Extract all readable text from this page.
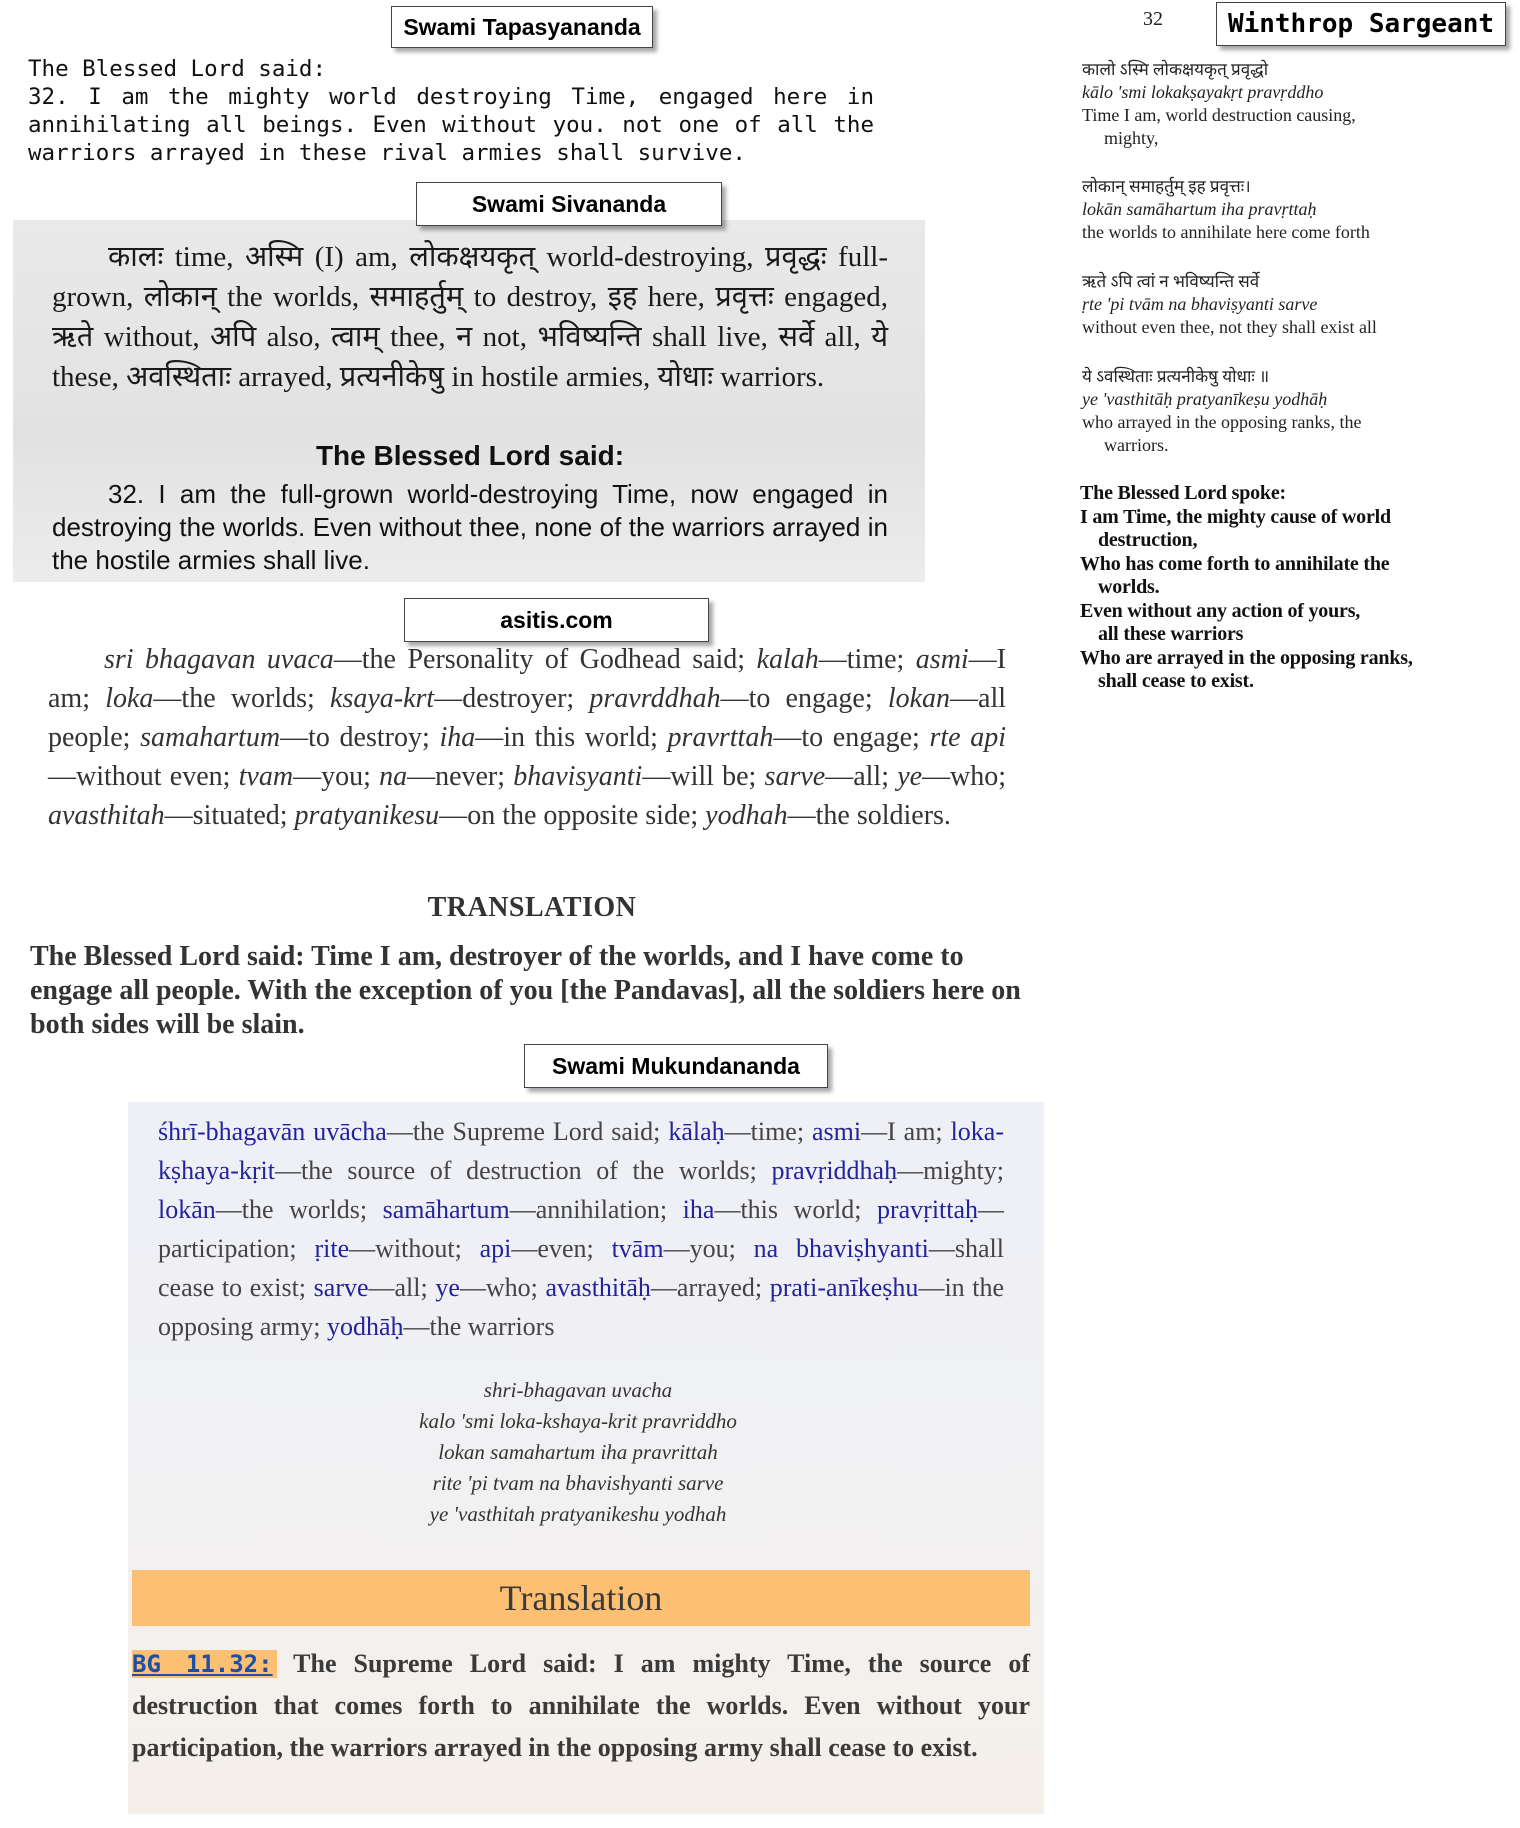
Swami Tapasyananda

The Blessed Lord said:

32. I am the mighty world destroying Time, engaged here in annihilating all beings. Even without you. not one of all the warriors arrayed in these rival armies shall survive.

Swami Sivananda
कालः time, अस्मि (I) am, लोकक्षयकृत् world-destroying, प्रवृद्धः full-grown, लोकान् the worlds, समाहर्तुम् to destroy, इह here, प्रवृत्तः engaged, ऋते without, अपि also, त्वाम् thee, न not, भविष्यन्ति shall live, सर्वे all, ये these, अवस्थिताः arrayed, प्रत्यनीकेषु in hostile armies, योधाः warriors.
The Blessed Lord said:
32. I am the full-grown world-destroying Time, now engaged in destroying the worlds. Even without thee, none of the warriors arrayed in the hostile armies shall live.
asitis.com
sri bhagavan uvaca—the Personality of Godhead said; kalah—time; asmi—I am; loka—the worlds; ksaya-krt—destroyer; pravrddhah—to engage; lokan—all people; samahartum—to destroy; iha—in this world; pravrttah—to engage; rte api—without even; tvam—you; na—never; bhavisyanti—will be; sarve—all; ye—who; avasthitah—situated; pratyanikesu—on the opposite side; yodhah—the soldiers.
TRANSLATION
The Blessed Lord said: Time I am, destroyer of the worlds, and I have come to engage all people. With the exception of you [the Pandavas], all the soldiers here on both sides will be slain.
Swami Mukundananda
śhrī-bhagavān uvācha—the Supreme Lord said; kālaḥ—time; asmi—I am; loka-kṣhaya-kṛit—the source of destruction of the worlds; pravṛiddhaḥ—mighty; lokān—the worlds; samāhartum—annihilation; iha—this world; pravṛittaḥ—participation; ṛite—without; api—even; tvām—you; na bhaviṣhyanti—shall cease to exist; sarve—all; ye—who; avasthitāḥ—arrayed; prati-anīkeṣhu—in the opposing army; yodhāḥ—the warriors
shri-bhagavan uvacha
kalo 'smi loka-kshaya-krit pravriddho
lokan samahartum iha pravrittah
rite 'pi tvam na bhavishyanti sarve
ye 'vasthitah pratyanikeshu yodhah
Translation
BG 11.32: The Supreme Lord said: I am mighty Time, the source of destruction that comes forth to annihilate the worlds. Even without your participation, the warriors arrayed in the opposing army shall cease to exist.
32	Winthrop Sargeant
कालो ऽस्मि लोकक्षयकृत् प्रवृद्धो
kālo 'smi lokakṣayakṛt pravṛddho
Time I am, world destruction causing,
mighty,
लोकान् समाहर्तुम् इह प्रवृत्तः।
lokān samāhartum iha pravṛttaḥ
the worlds to annihilate here come forth
ऋते ऽपि त्वां न भविष्यन्ति सर्वे
ṛte 'pi tvām na bhaviṣyanti sarve
without even thee, not they shall exist all
ये ऽवस्थिताः प्रत्यनीकेषु योधाः ॥
ye 'vasthitāḥ pratyanīkeṣu yodhāḥ
who arrayed in the opposing ranks, the
warriors.
The Blessed Lord spoke:
I am Time, the mighty cause of world
destruction,
Who has come forth to annihilate the
worlds.
Even without any action of yours,
all these warriors
Who are arrayed in the opposing ranks,
shall cease to exist.
